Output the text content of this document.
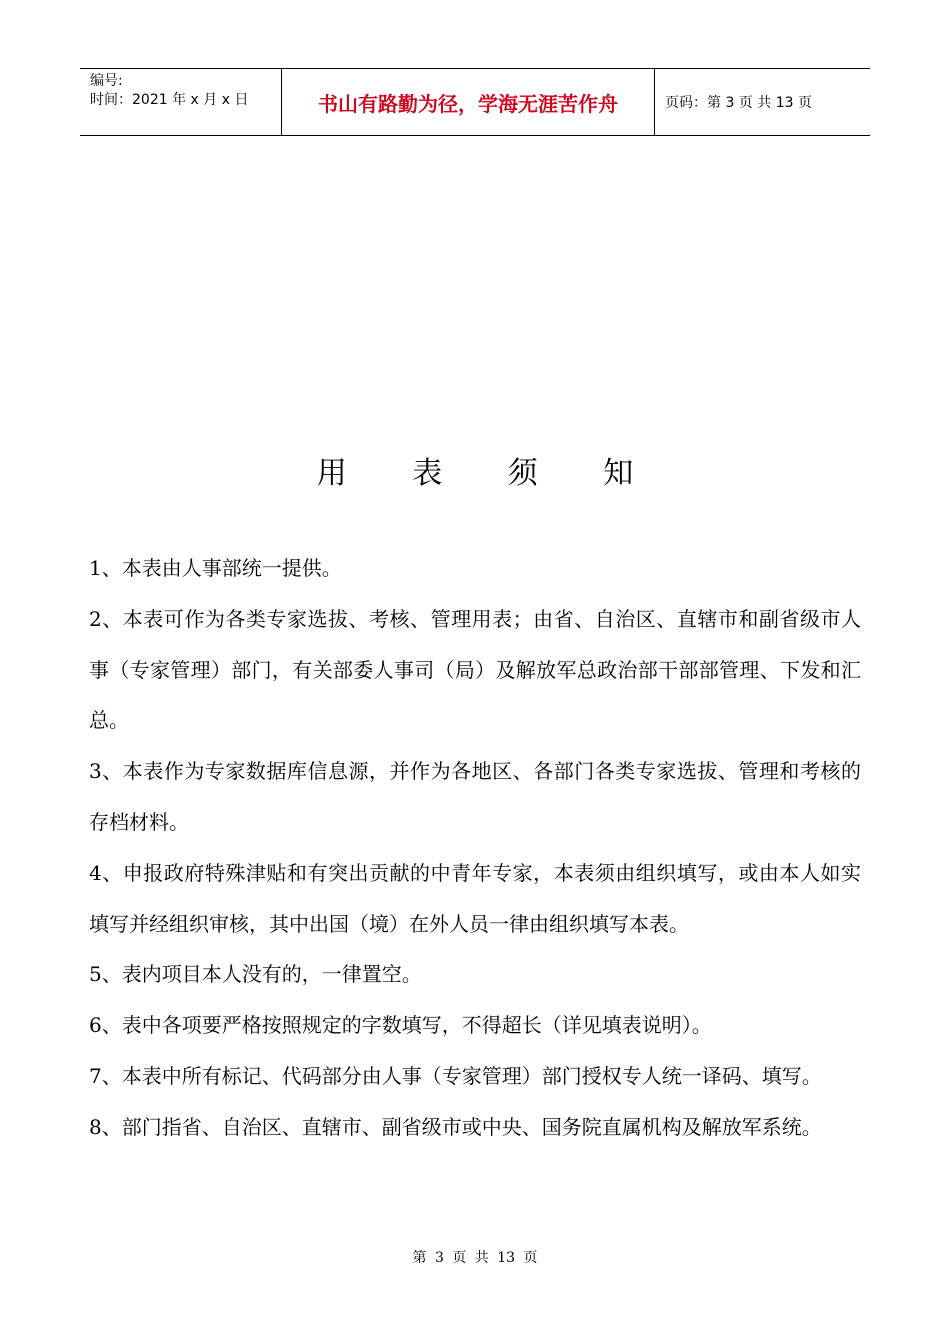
编号:
时间：2021 年 x 月 x 日	书山有路勤为径，学海无涯苦作舟	页码：第 3 页 共 13 页
用 表 须 知

1、本表由人事部统一提供。

2、本表可作为各类专家选拔、考核、管理用表；由省、自治区、直辖市和副省级市人事（专家管理）部门，有关部委人事司（局）及解放军总政治部干部部管理、下发和汇总。

3、本表作为专家数据库信息源，并作为各地区、各部门各类专家选拔、管理和考核的存档材料。

4、申报政府特殊津贴和有突出贡献的中青年专家，本表须由组织填写，或由本人如实填写并经组织审核，其中出国（境）在外人员一律由组织填写本表。

5、表内项目本人没有的，一律置空。

6、表中各项要严格按照规定的字数填写，不得超长（详见填表说明）。

7、本表中所有标记、代码部分由人事（专家管理）部门授权专人统一译码、填写。

8、部门指省、自治区、直辖市、副省级市或中央、国务院直属机构及解放军系统。

第 3 页 共 13 页
